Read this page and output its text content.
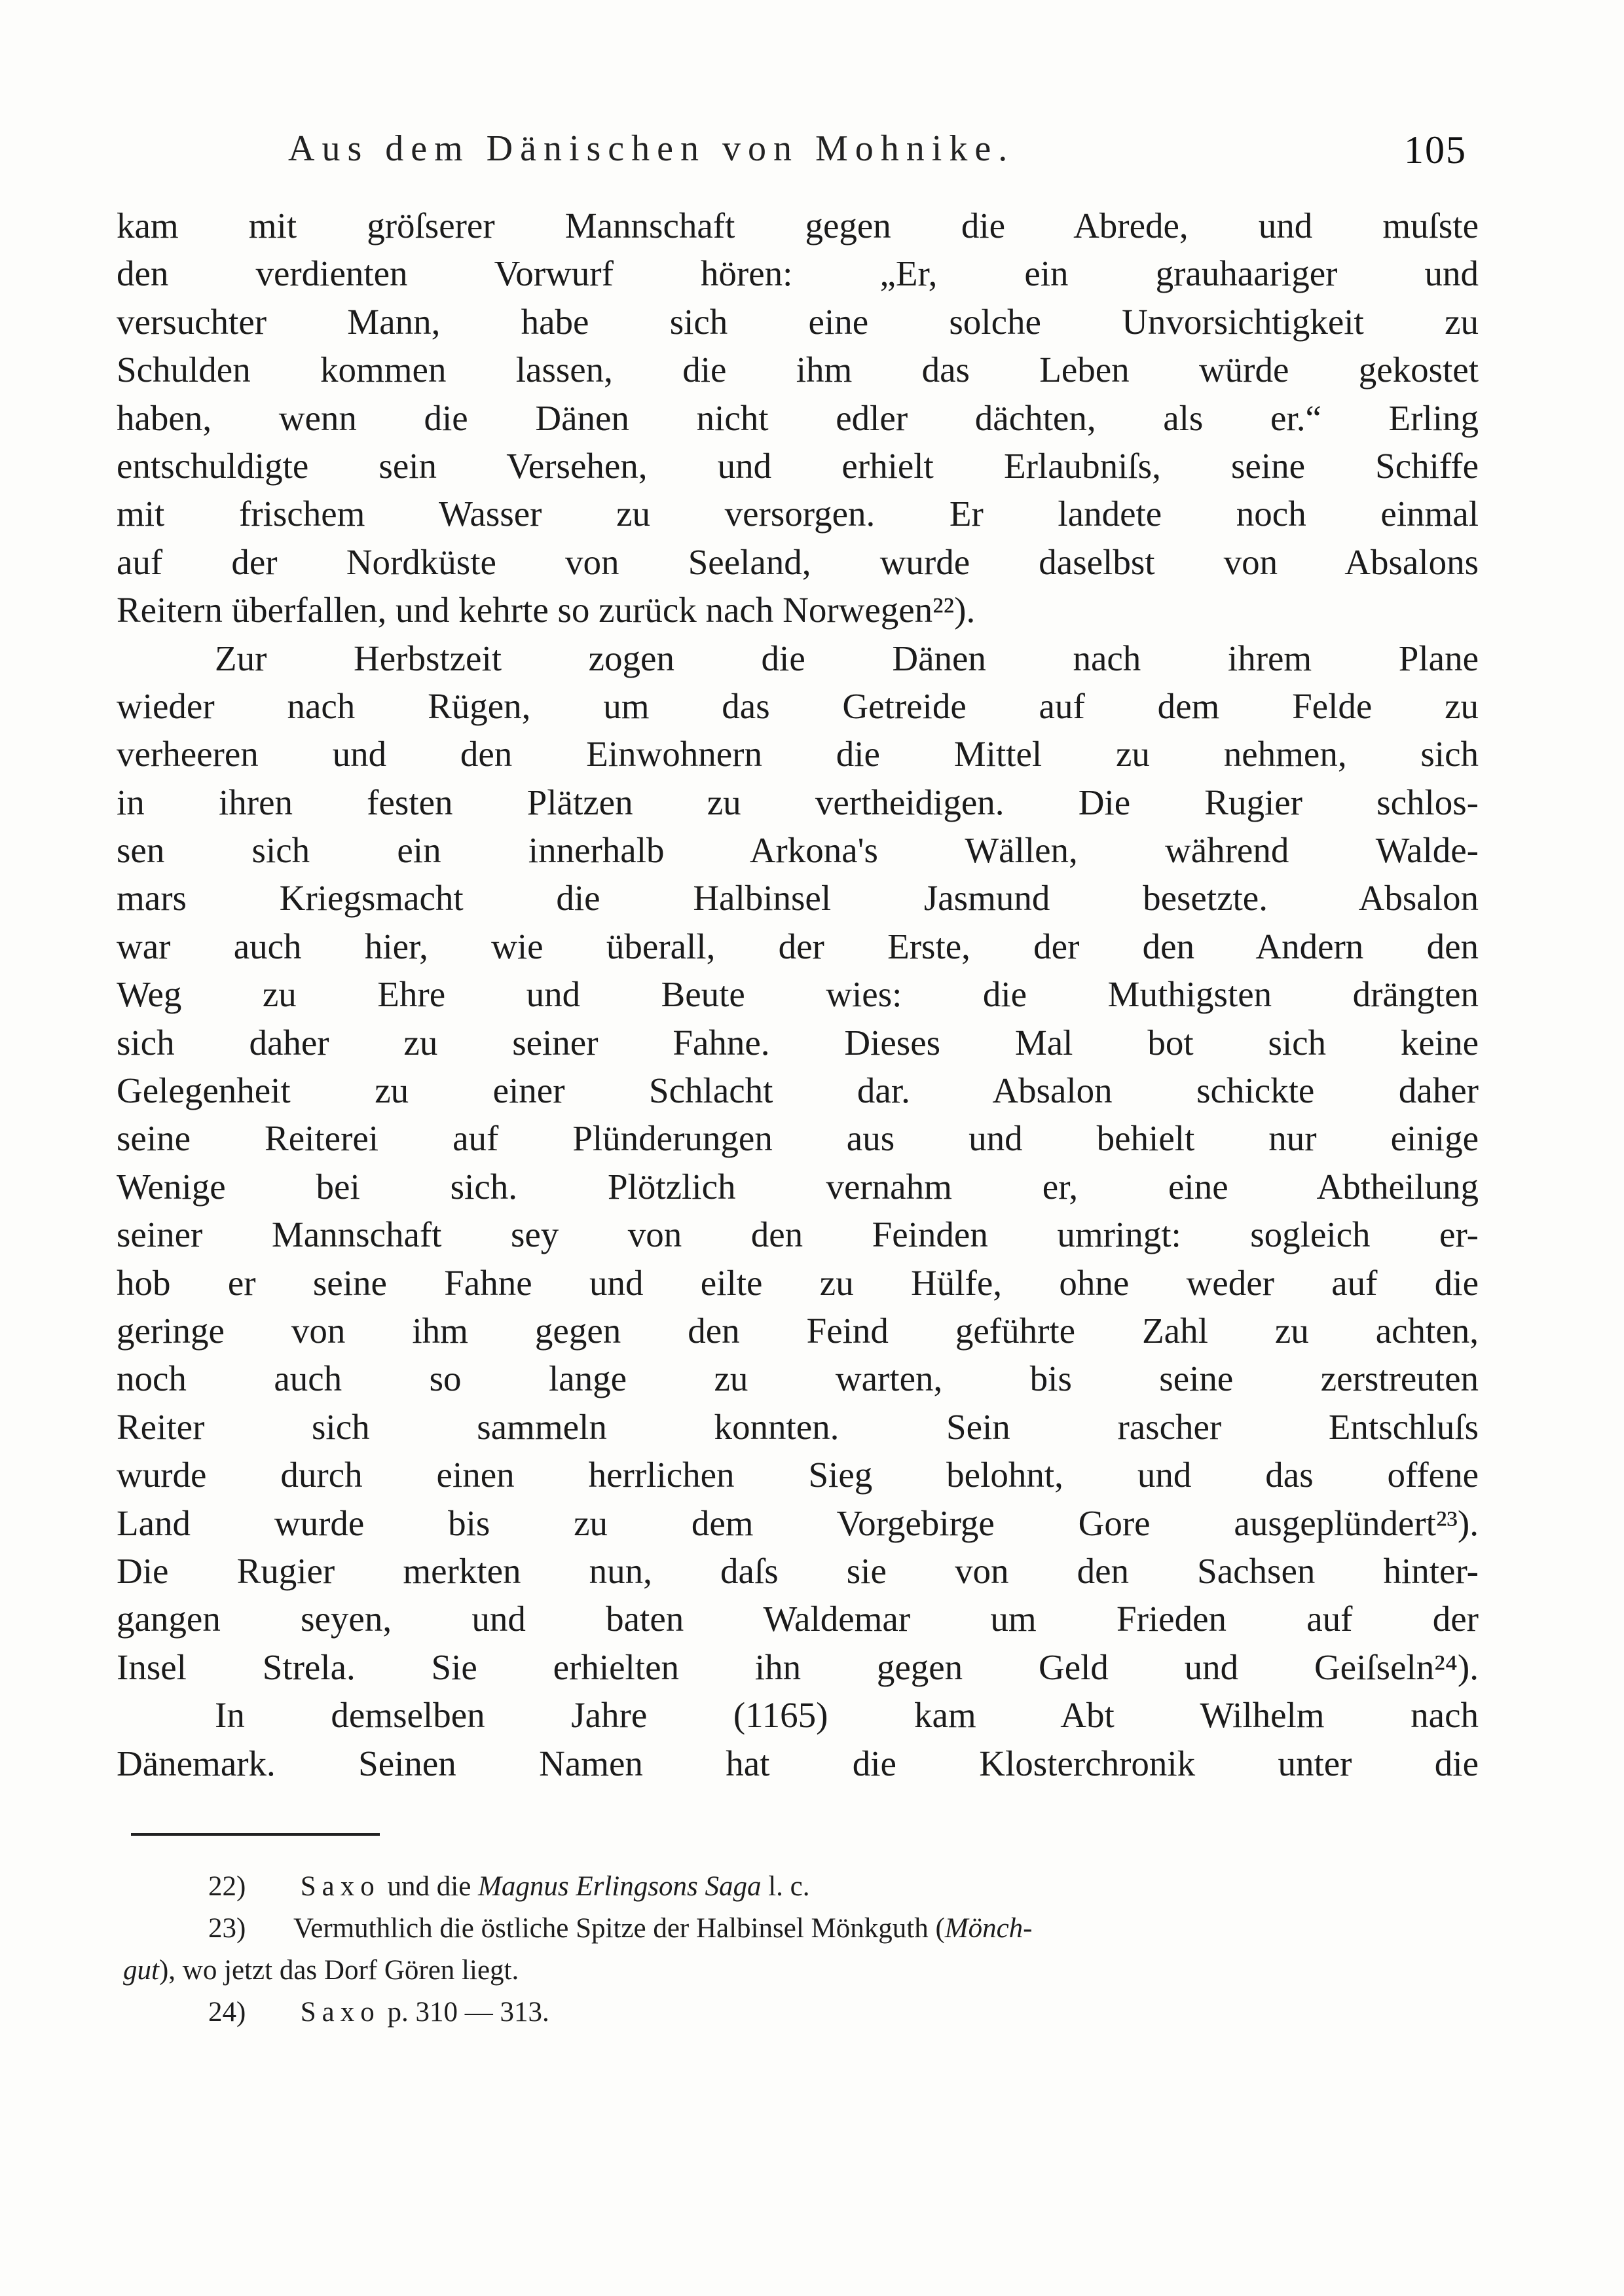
Aus dem Dänischen von Mohnike.	105
kam mit gröſserer Mannschaft gegen die Abrede, und muſste
den verdienten Vorwurf hören: „Er, ein grauhaariger und
versuchter Mann, habe sich eine solche Unvorsichtigkeit zu
Schulden kommen lassen, die ihm das Leben würde gekostet
haben, wenn die Dänen nicht edler dächten, als er.“ Erling
entschuldigte sein Versehen, und erhielt Erlaubniſs, seine Schiffe
mit frischem Wasser zu versorgen. Er landete noch einmal
auf der Nordküste von Seeland, wurde daselbst von Absalons
Reitern überfallen, und kehrte so zurück nach Norwegen²²).
Zur Herbstzeit zogen die Dänen nach ihrem Plane
wieder nach Rügen, um das Getreide auf dem Felde zu
verheeren und den Einwohnern die Mittel zu nehmen, sich
in ihren festen Plätzen zu vertheidigen. Die Rugier schlos-
sen sich ein innerhalb Arkona's Wällen, während Walde-
mars Kriegsmacht die Halbinsel Jasmund besetzte. Absalon
war auch hier, wie überall, der Erste, der den Andern den
Weg zu Ehre und Beute wies: die Muthigsten drängten
sich daher zu seiner Fahne. Dieses Mal bot sich keine
Gelegenheit zu einer Schlacht dar. Absalon schickte daher
seine Reiterei auf Plünderungen aus und behielt nur einige
Wenige bei sich. Plötzlich vernahm er, eine Abtheilung
seiner Mannschaft sey von den Feinden umringt: sogleich er-
hob er seine Fahne und eilte zu Hülfe, ohne weder auf die
geringe von ihm gegen den Feind geführte Zahl zu achten,
noch auch so lange zu warten, bis seine zerstreuten
Reiter sich sammeln konnten. Sein rascher Entschluſs
wurde durch einen herrlichen Sieg belohnt, und das offene
Land wurde bis zu dem Vorgebirge Gore ausgeplündert²³).
Die Rugier merkten nun, daſs sie von den Sachsen hinter-
gangen seyen, und baten Waldemar um Frieden auf der
Insel Strela. Sie erhielten ihn gegen Geld und Geiſseln²⁴).
In demselben Jahre (1165) kam Abt Wilhelm nach
Dänemark. Seinen Namen hat die Klosterchronik unter die
22) Saxo und die Magnus Erlingsons Saga l. c.
23) Vermuthlich die östliche Spitze der Halbinsel Mönkguth (Mönch-
gut), wo jetzt das Dorf Gören liegt.
24) Saxo p. 310 — 313.
